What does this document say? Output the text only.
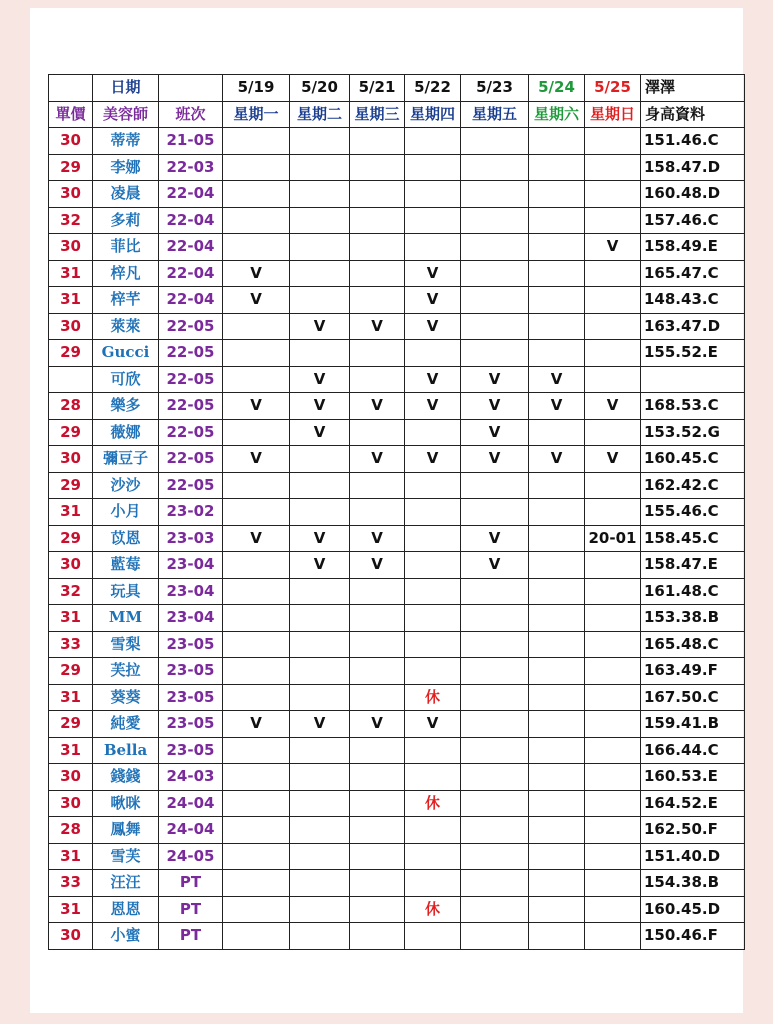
	日期		5/19	5/20	5/21	5/22	5/23	5/24	5/25	澤澤
單價	美容師	班次	星期一	星期二	星期三	星期四	星期五	星期六	星期日	身高資料
30	蒂蒂	21-05								151.46.C
29	李娜	22-03								158.47.D
30	凌晨	22-04								160.48.D
32	多莉	22-04								157.46.C
30	菲比	22-04							V	158.49.E
31	梓凡	22-04	V			V				165.47.C
31	梓芊	22-04	V			V				148.43.C
30	萊萊	22-05		V	V	V				163.47.D
29	Gucci	22-05								155.52.E
	可欣	22-05		V		V	V	V		
28	樂多	22-05	V	V	V	V	V	V	V	168.53.C
29	薇娜	22-05		V			V			153.52.G
30	彌豆子	22-05	V		V	V	V	V	V	160.45.C
29	沙沙	22-05								162.42.C
31	小月	23-02								155.46.C
29	苡恩	23-03	V	V	V		V		20-01	158.45.C
30	藍莓	23-04		V	V		V			158.47.E
32	玩具	23-04								161.48.C
31	MM	23-04								153.38.B
33	雪梨	23-05								165.48.C
29	芙拉	23-05								163.49.F
31	葵葵	23-05				休				167.50.C
29	純愛	23-05	V	V	V	V				159.41.B
31	Bella	23-05								166.44.C
30	錢錢	24-03								160.53.E
30	啾咪	24-04				休				164.52.E
28	鳳舞	24-04								162.50.F
31	雪芙	24-05								151.40.D
33	汪汪	PT								154.38.B
31	恩恩	PT				休				160.45.D
30	小蜜	PT								150.46.F
